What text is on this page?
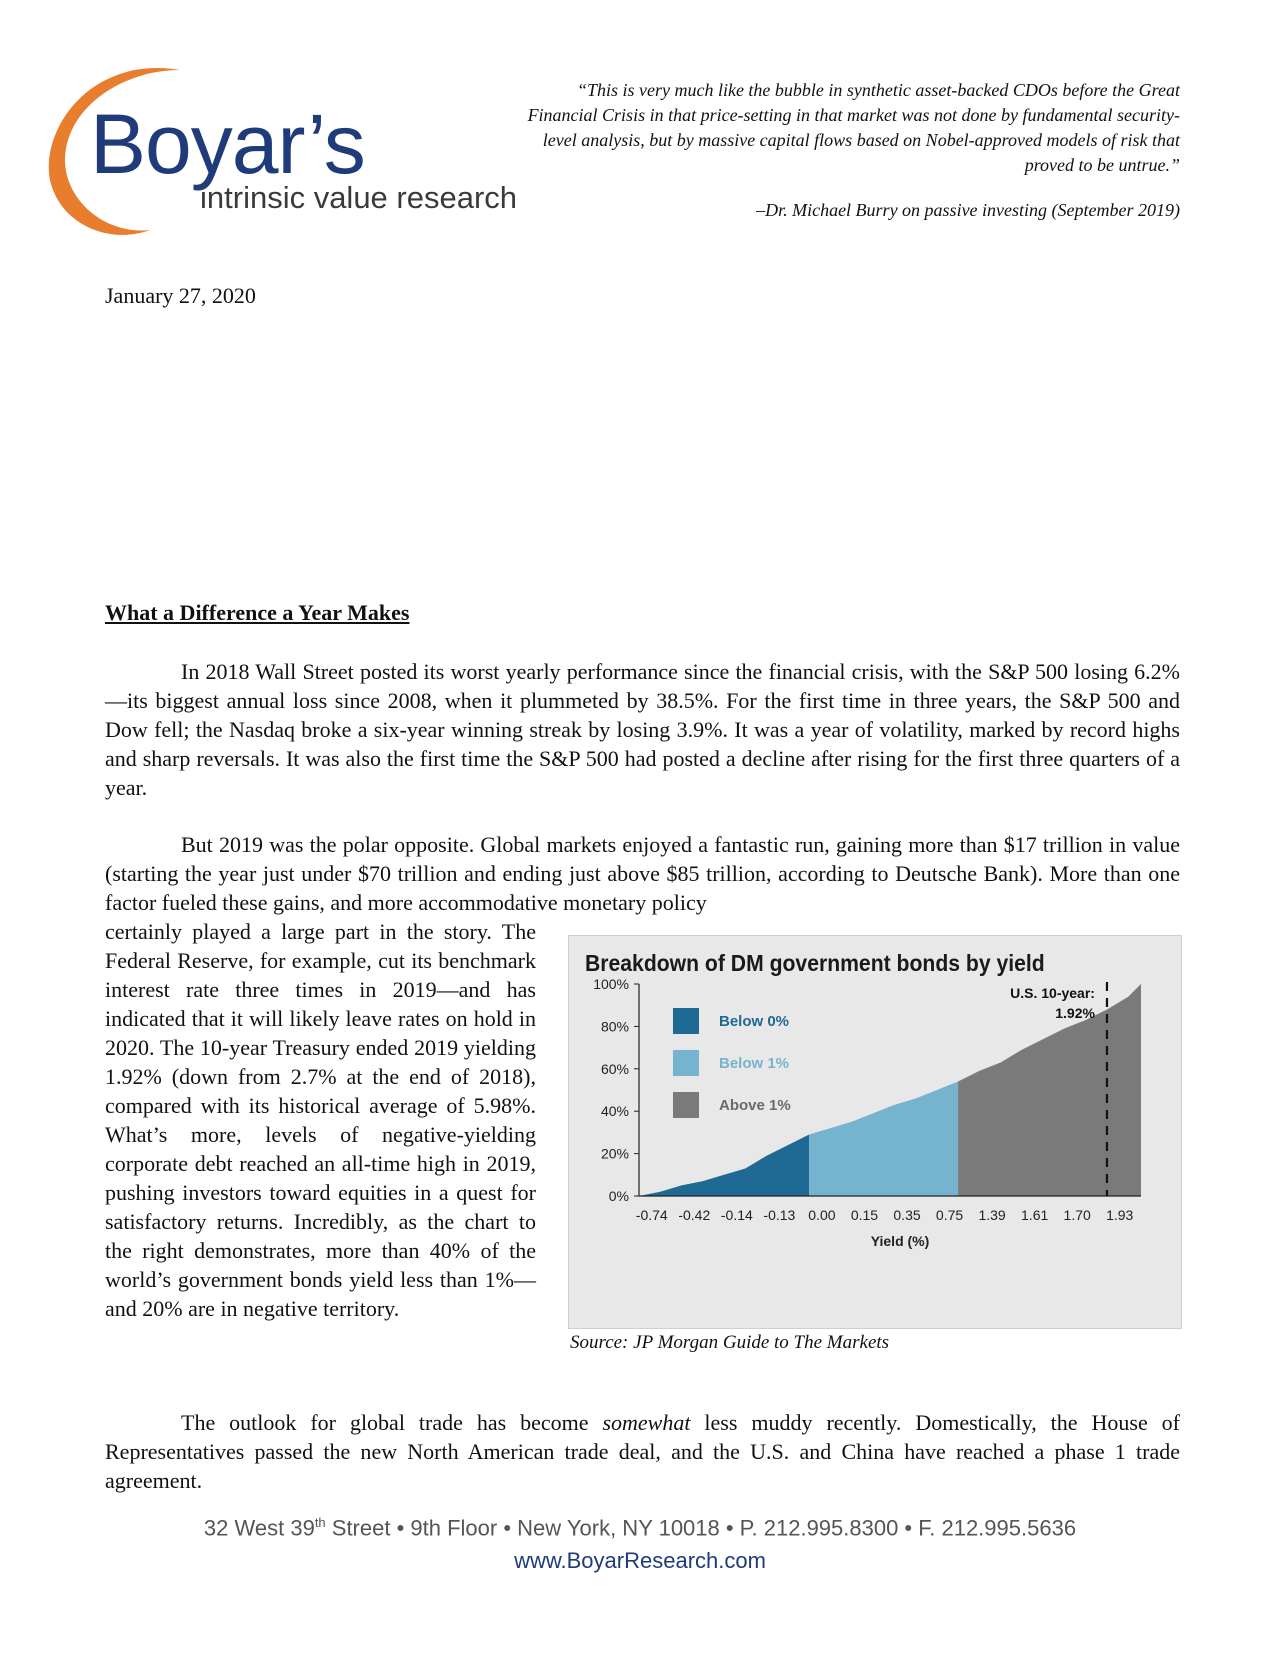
Boyar’s
intrinsic value research
“This is very much like the bubble in synthetic asset-backed CDOs before the Great Financial Crisis in that price-setting in that market was not done by fundamental security-level analysis, but by massive capital flows based on Nobel-approved models of risk that proved to be untrue.”
–Dr. Michael Burry on passive investing (September 2019)
January 27, 2020
What a Difference a Year Makes

In 2018 Wall Street posted its worst yearly performance since the financial crisis, with the S&P 500 losing 6.2%—its biggest annual loss since 2008, when it plummeted by 38.5%. For the first time in three years, the S&P 500 and Dow fell; the Nasdaq broke a six-year winning streak by losing 3.9%. It was a year of volatility, marked by record highs and sharp reversals. It was also the first time the S&P 500 had posted a decline after rising for the first three quarters of a year.

But 2019 was the polar opposite. Global markets enjoyed a fantastic run, gaining more than $17 trillion in value (starting the year just under $70 trillion and ending just above $85 trillion, according to Deutsche Bank). More than one factor fueled these gains, and more accommodative monetary policy

certainly played a large part in the story. The Federal Reserve, for example, cut its benchmark interest rate three times in 2019—and has indicated that it will likely leave rates on hold in 2020. The 10-year Treasury ended 2019 yielding 1.92% (down from 2.7% at the end of 2018), compared with its historical average of 5.98%. What’s more, levels of negative-yielding corporate debt reached an all-time high in 2019, pushing investors toward equities in a quest for satisfactory returns. Incredibly, as the chart to the right demonstrates, more than 40% of the world’s government bonds yield less than 1%—and 20% are in negative territory.

Breakdown of DM government bonds by yield
0%
20%
40%
60%
80%
100%
-0.74 -0.42 -0.14 -0.13 0.00 0.15 0.35 0.75 1.39 1.61 1.70 1.93
Yield (%)
Below 0%
Below 1%
Above 1%
U.S. 10-year:
1.92%
Source: JP Morgan Guide to The Markets

The outlook for global trade has become somewhat less muddy recently. Domestically, the House of Representatives passed the new North American trade deal, and the U.S. and China have reached a phase 1 trade agreement.

32 West 39th Street • 9th Floor • New York, NY 10018 • P. 212.995.8300 • F. 212.995.5636
www.BoyarResearch.com
